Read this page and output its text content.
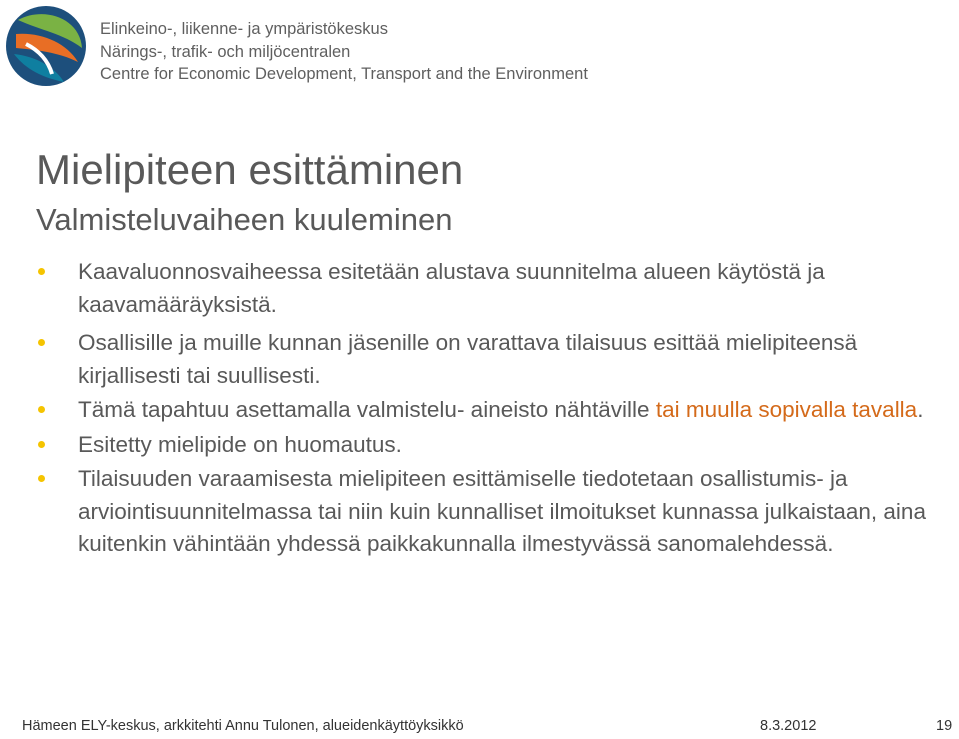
Elinkeino-, liikenne- ja ympäristökeskus
Närings-, trafik- och miljöcentralen
Centre for Economic Development, Transport and the Environment
Mielipiteen esittäminen
Valmisteluvaiheen kuuleminen
Kaavaluonnosvaiheessa esitetään alustava suunnitelma alueen käytöstä ja kaavamääräyksistä.
Osallisille ja muille kunnan jäsenille on varattava tilaisuus esittää mielipiteensä
kirjallisesti tai suullisesti.
Tämä tapahtuu asettamalla valmistelu- aineisto nähtäville tai muulla sopivalla tavalla.
Esitetty mielipide on huomautus.
Tilaisuuden varaamisesta mielipiteen esittämiselle tiedotetaan osallistumis- ja arviointisuunnitelmassa tai niin kuin kunnalliset ilmoitukset kunnassa julkaistaan, aina kuitenkin vähintään yhdessä paikkakunnalla ilmestyvässä sanomalehdessä.
Hämeen ELY-keskus, arkkitehti Annu Tulonen, alueidenkäyttöyksikkö	8.3.2012	19
